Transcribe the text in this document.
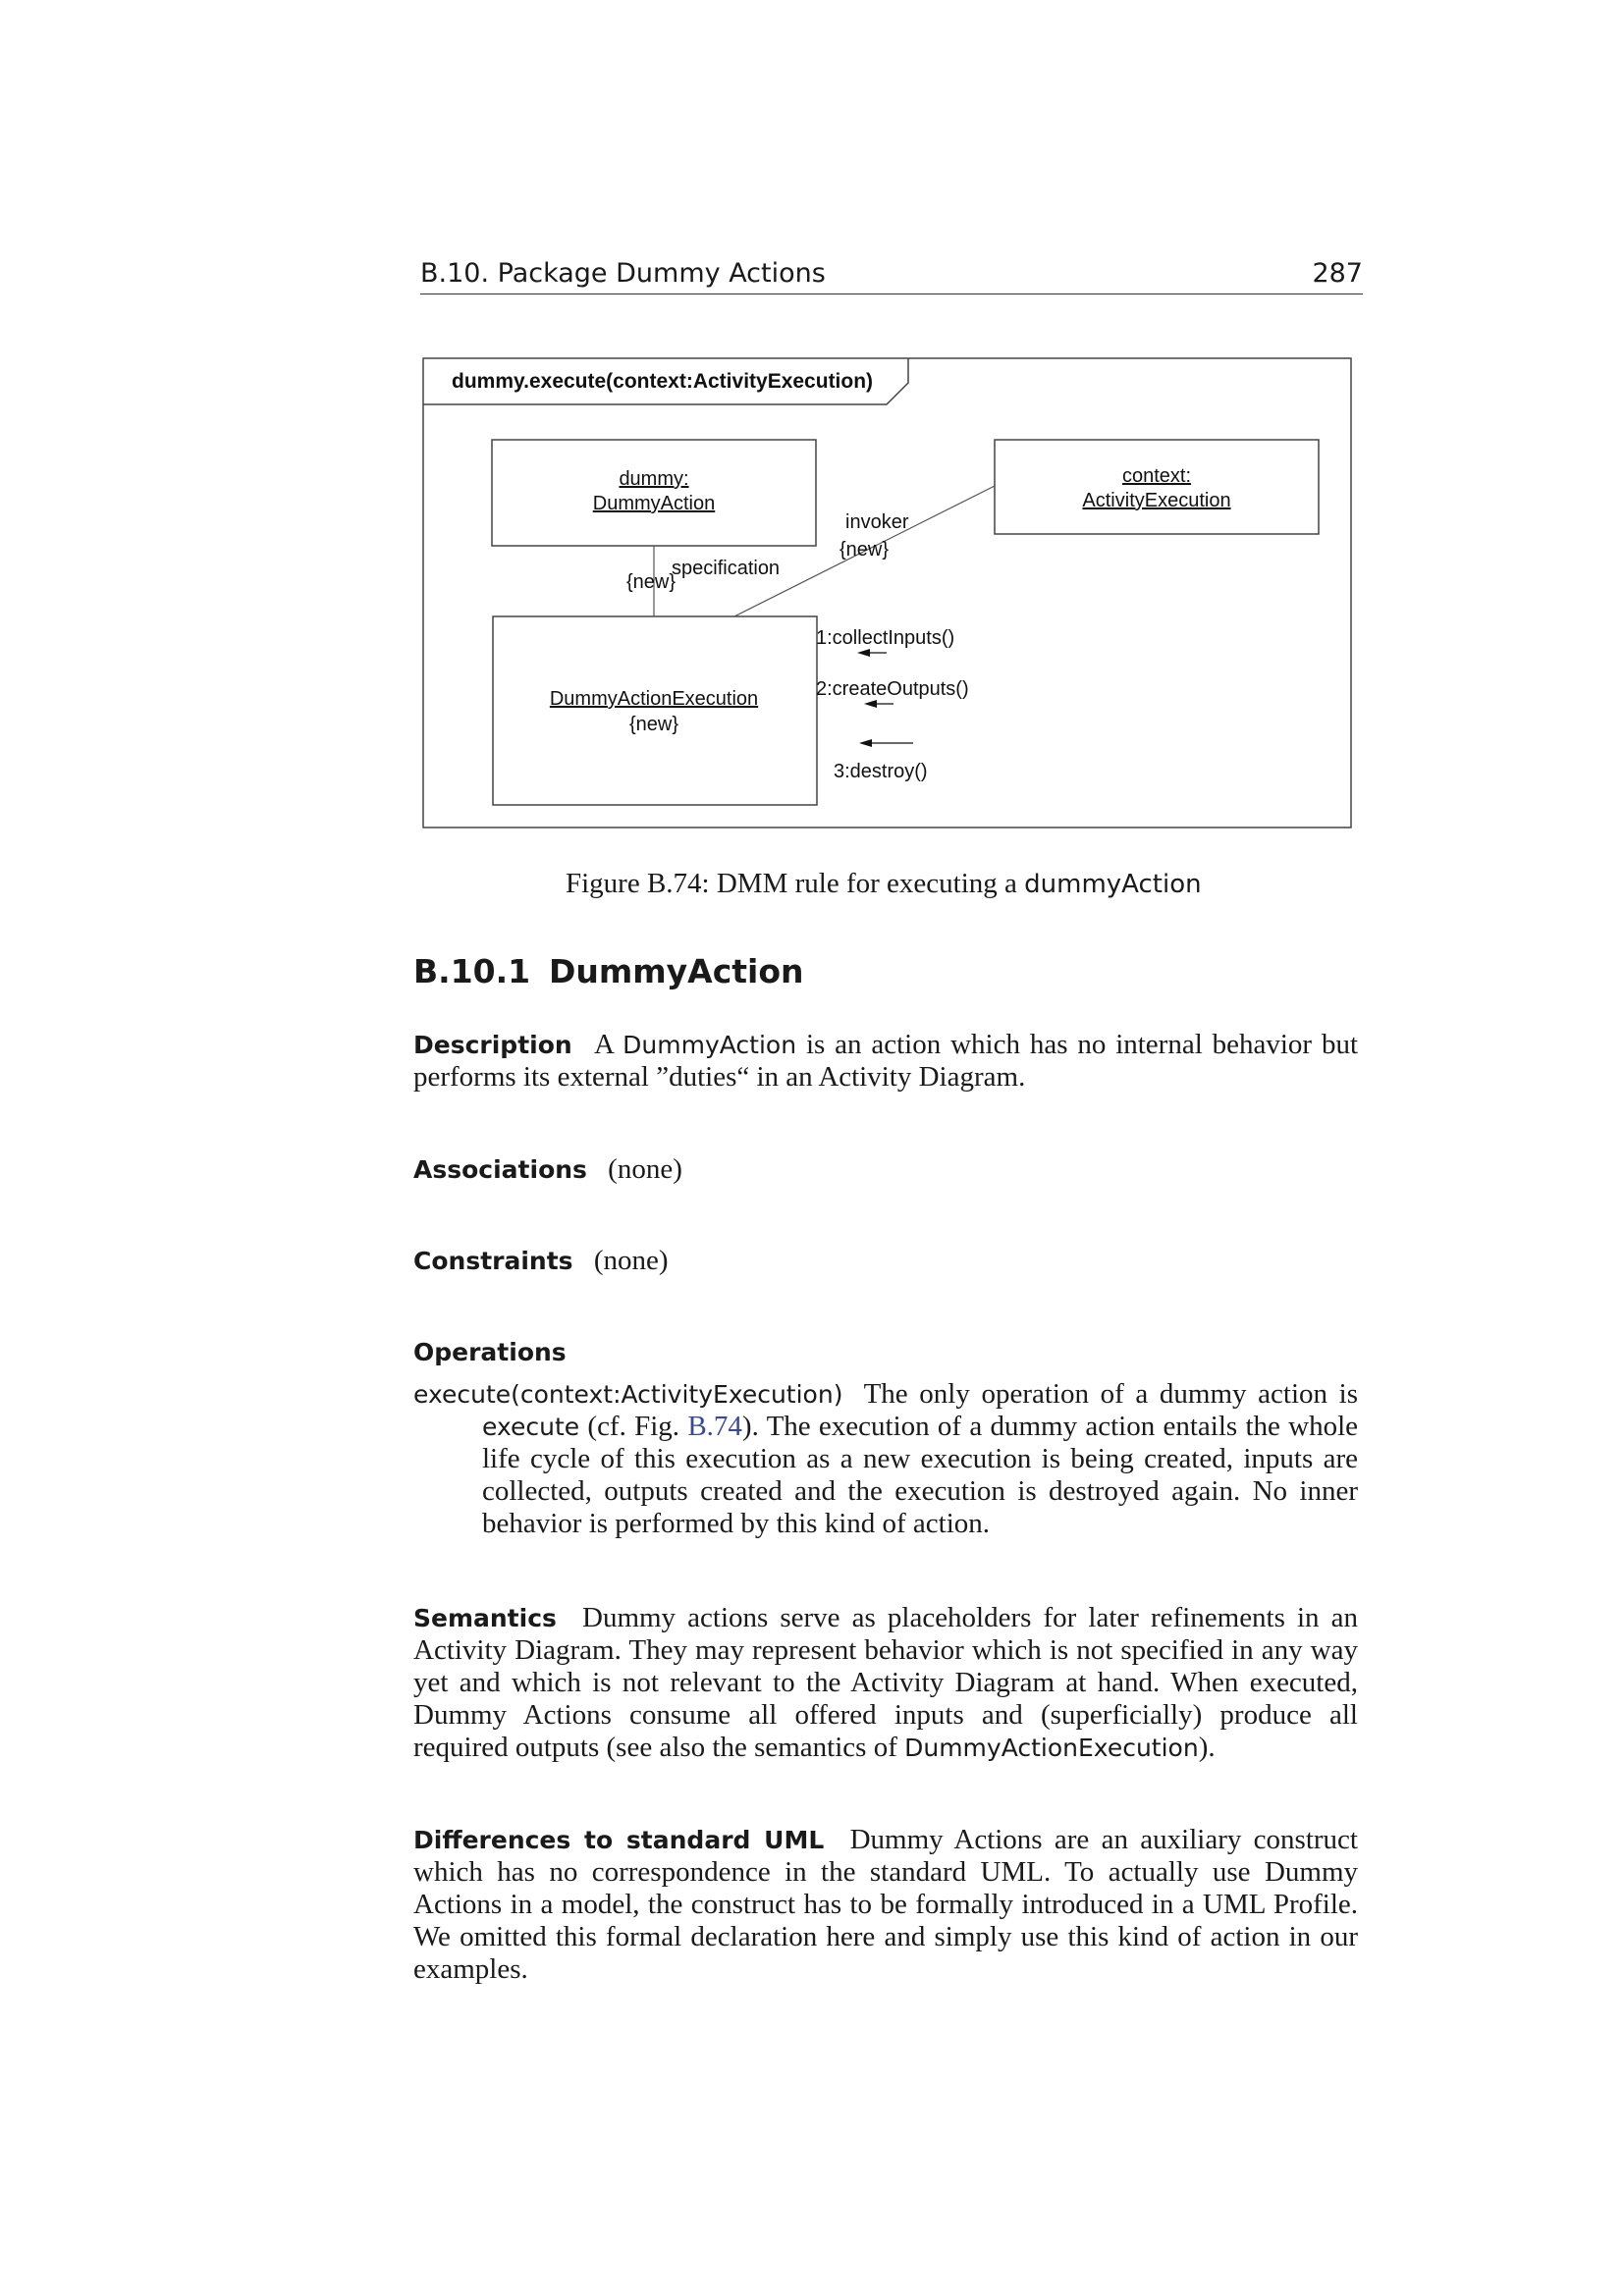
B.10. Package Dummy Actions	287
dummy.execute(context:ActivityExecution)
dummy:
DummyAction
context:
ActivityExecution
DummyActionExecution
{new}
{new}
specification
invoker
{new}
1:collectInputs()
2:createOutputs()
3:destroy()
Figure B.74: DMM rule for executing a dummyAction
B.10.1 DummyAction
Description A DummyAction is an action which has no internal behavior but performs its external ”duties“ in an Activity Diagram.
Associations (none)
Constraints (none)
Operations
execute(context:ActivityExecution) The only operation of a dummy action is execute (cf. Fig. B.74). The execution of a dummy action entails the whole life cycle of this execution as a new execution is being created, inputs are collected, outputs created and the execution is destroyed again. No inner behavior is performed by this kind of action.
Semantics Dummy actions serve as placeholders for later refinements in an Activity Diagram. They may represent behavior which is not specified in any way yet and which is not relevant to the Activity Diagram at hand. When executed, Dummy Actions consume all offered inputs and (superficially) produce all required outputs (see also the semantics of DummyActionExecution).
Differences to standard UML Dummy Actions are an auxiliary construct which has no correspondence in the standard UML. To actually use Dummy Actions in a model, the construct has to be formally introduced in a UML Profile. We omitted this formal declaration here and simply use this kind of action in our examples.
